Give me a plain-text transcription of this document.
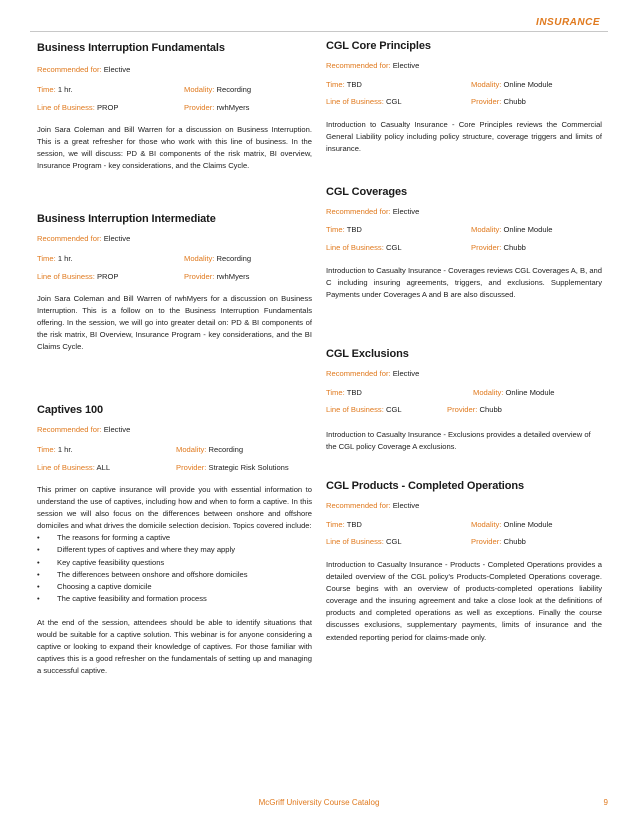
INSURANCE
Business Interruption Fundamentals
Recommended for: Elective
Time: 1 hr.	Modality: Recording
Line of Business: PROP	Provider: rwhMyers
Join Sara Coleman and Bill Warren for a discussion on Business Interruption. This is a great refresher for those who work with this line of business. In the session, we will discuss: PD & BI components of the risk matrix, BI overview, Insurance Program - key considerations, and the Claims Cycle.
Business Interruption Intermediate
Recommended for: Elective
Time: 1 hr.	Modality: Recording
Line of Business: PROP	Provider: rwhMyers
Join Sara Coleman and Bill Warren of rwhMyers for a discussion on Business Interruption. This is a follow on to the Business Interruption Fundamentals offering. In the session, we will go into greater detail on: PD & BI components of the risk matrix, BI Overview, Insurance Program - key considerations, and the BI Claims Cycle.
Captives 100
Recommended for: Elective
Time: 1 hr.	Modality: Recording
Line of Business: ALL	Provider: Strategic Risk Solutions
This primer on captive insurance will provide you with essential information to understand the use of captives, including how and when to form a captive. In this session we will also focus on the differences between onshore and offshore domiciles and what drives the domicile selection decision. Topics covered include:
• The reasons for forming a captive
• Different types of captives and where they may apply
• Key captive feasibility questions
• The differences between onshore and offshore domiciles
• Choosing a captive domicile
• The captive feasibility and formation process
At the end of the session, attendees should be able to identify situations that would be suitable for a captive solution. This webinar is for anyone considering a captive or looking to expand their knowledge of captives. For those familiar with captives this is a good refresher on the fundamentals of setting up and managing a successful captive.
CGL Core Principles
Recommended for: Elective
Time: TBD	Modality: Online Module
Line of Business: CGL	Provider: Chubb
Introduction to Casualty Insurance - Core Principles reviews the Commercial General Liability policy including policy structure, coverage triggers and limits of insurance.
CGL Coverages
Recommended for: Elective
Time: TBD	Modality: Online Module
Line of Business: CGL	Provider: Chubb
Introduction to Casualty Insurance - Coverages reviews CGL Coverages A, B, and C including insuring agreements, triggers, and exclusions. Supplementary Payments under Coverages A and B are also discussed.
CGL Exclusions
Recommended for: Elective
Time: TBD	Modality: Online Module
Line of Business: CGL	Provider: Chubb
Introduction to Casualty Insurance - Exclusions provides a detailed overview of the CGL policy Coverage A exclusions.
CGL Products - Completed Operations
Recommended for: Elective
Time: TBD	Modality: Online Module
Line of Business: CGL	Provider: Chubb
Introduction to Casualty Insurance - Products - Completed Operations provides a detailed overview of the CGL policy's Products-Completed Operations coverage. Course begins with an overview of products-completed operations liability coverage and the insuring agreement and take a close look at the definitions of products and completed operations as well as exceptions. Finally the course discusses exclusions, supplementary payments, limits of insurance and the extended reporting period for claims-made only.
McGriff University Course Catalog	9
